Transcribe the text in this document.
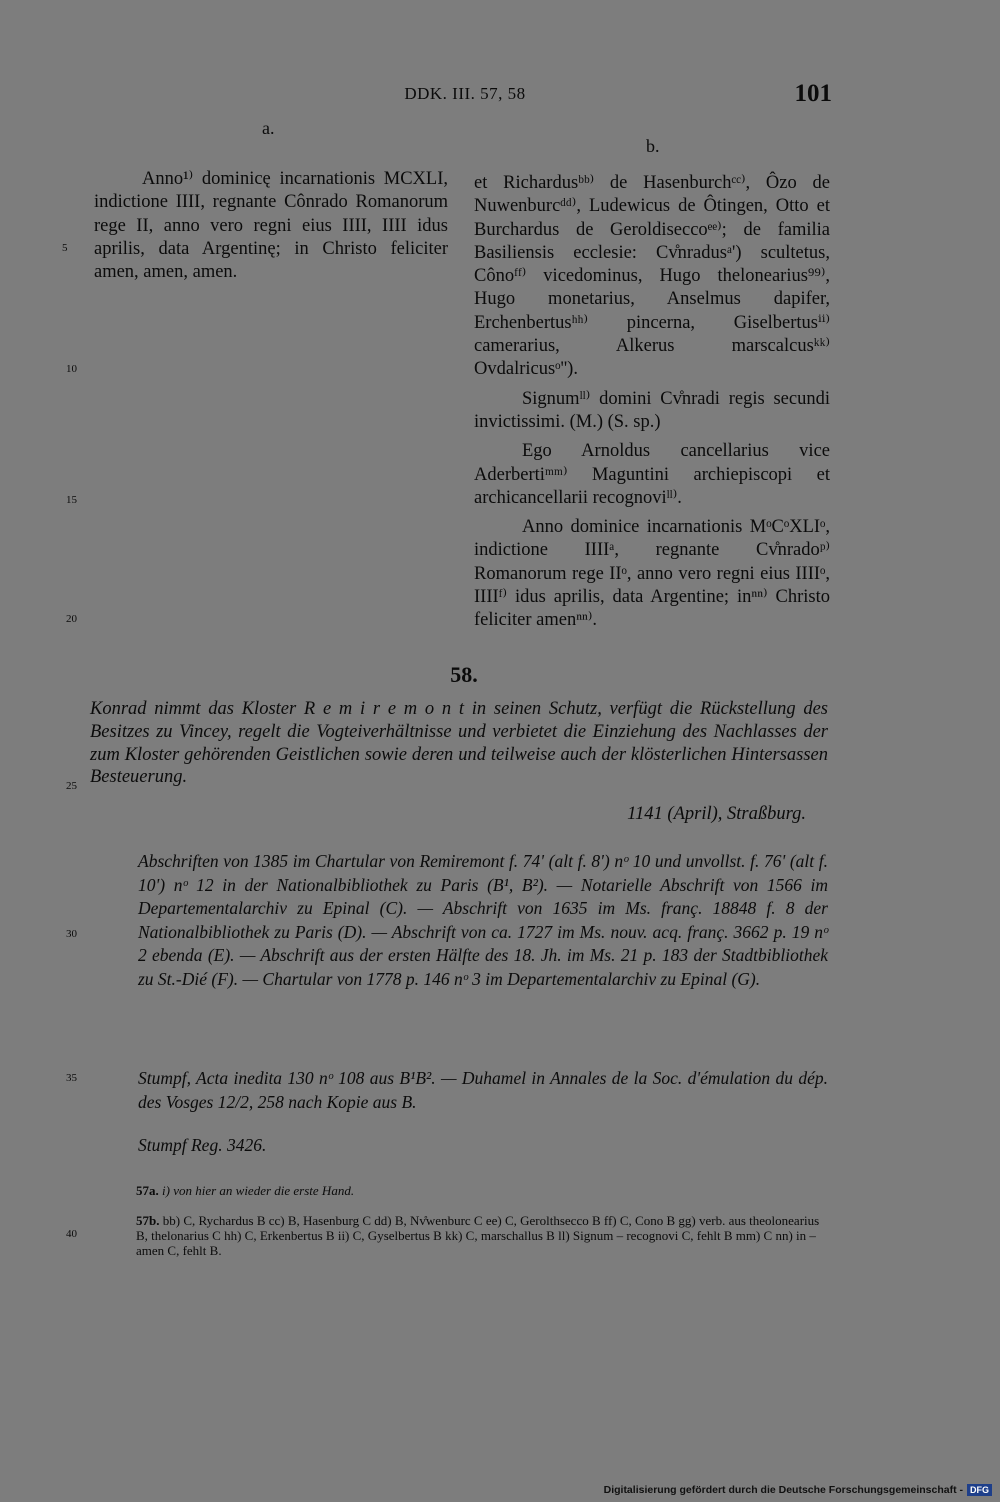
DDK. III. 57, 58	101
a.
b.

Anno¹⁾ dominicę incarnationis MCXLI, indictione IIII, regnante Cônrado Romanorum rege II, anno vero regni eius IIII, IIII idus aprilis, data Argentinę; in Christo feliciter amen, amen, amen.

et Richardusᵇᵇ⁾ de Hasenburchᶜᶜ⁾, Ôzo de Nuwenburcᵈᵈ⁾, Ludewicus de Ôtingen, Otto et Burchardus de Geroldiseccoᵉᵉ⁾; de familia Basiliensis ecclesie: Cv̊nradusᵃ') scultetus, Cônoᶠᶠ⁾ vicedominus, Hugo thelonearius⁹⁹⁾, Hugo monetarius, Anselmus dapifer, Erchenbertusʰʰ⁾ pincerna, Giselbertusⁱⁱ⁾ camerarius, Alkerus marscalcusᵏᵏ⁾ Ovdalricusᵒ'').

Signumˡˡ⁾ domini Cv̊nradi regis secundi invictissimi. (M.) (S. sp.)

Ego Arnoldus cancellarius vice Aderbertiᵐᵐ⁾ Maguntini archiepiscopi et archicancellarii recognoviˡˡ⁾.

Anno dominice incarnationis MᵒCᵒXLIᵒ, indictione IIIIᵃ, regnante Cv̊nradoᵖ⁾ Romanorum rege IIᵒ, anno vero regni eius IIIIᵒ, IIIIᶠ⁾ idus aprilis, data Argentine; inⁿⁿ⁾ Christo feliciter amenⁿⁿ⁾.

5
10
15
20
25
30
35
40
58.
Konrad nimmt das Kloster R e m i r e m o n t in seinen Schutz, verfügt die Rückstellung des Besitzes zu Vincey, regelt die Vogteiverhältnisse und verbietet die Einziehung des Nachlasses der zum Kloster gehörenden Geistlichen sowie deren und teilweise auch der klösterlichen Hintersassen Besteuerung.
1141 (April), Straßburg.
Abschriften von 1385 im Chartular von Remiremont f. 74' (alt f. 8') nᵒ 10 und unvollst. f. 76' (alt f. 10') nᵒ 12 in der Nationalbibliothek zu Paris (B¹, B²). — Notarielle Abschrift von 1566 im Departementalarchiv zu Epinal (C). — Abschrift von 1635 im Ms. franç. 18848 f. 8 der Nationalbibliothek zu Paris (D). — Abschrift von ca. 1727 im Ms. nouv. acq. franç. 3662 p. 19 nᵒ 2 ebenda (E). — Abschrift aus der ersten Hälfte des 18. Jh. im Ms. 21 p. 183 der Stadtbibliothek zu St.-Dié (F). — Chartular von 1778 p. 146 nᵒ 3 im Departementalarchiv zu Epinal (G).
Stumpf, Acta inedita 130 nᵒ 108 aus B¹B². — Duhamel in Annales de la Soc. d'émulation du dép. des Vosges 12/2, 258 nach Kopie aus B.
Stumpf Reg. 3426.
57a. i) von hier an wieder die erste Hand.
57b. bb) C, Rychardus B cc) B, Hasenburg C dd) B, Nv̊wenburc C ee) C, Gerolthsecco B ff) C, Cono B gg) verb. aus theolonearius B, thelonarius C hh) C, Erkenbertus B ii) C, Gyselbertus B kk) C, marschallus B ll) Signum – recognovi C, fehlt B mm) C nn) in – amen C, fehlt B.
Digitalisierung gefördert durch die Deutsche Forschungsgemeinschaft - DFG
